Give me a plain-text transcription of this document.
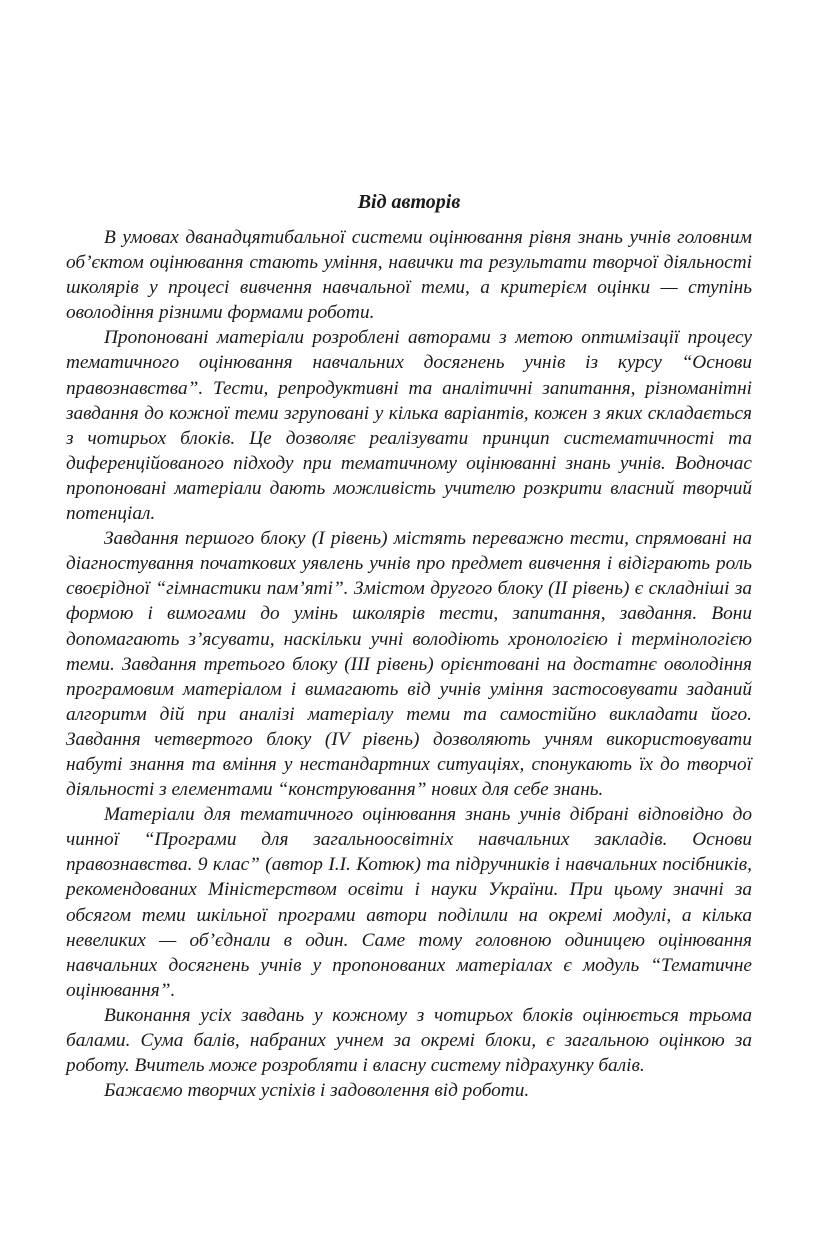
Від авторів

В умовах дванадцятибальної системи оцінювання рівня знань учнів головним об’єктом оцінювання стають уміння, навички та результати творчої діяльності школярів у процесі вивчення навчальної теми, а критерієм оцінки — ступінь оволодіння різними формами роботи.

Пропоновані матеріали розроблені авторами з метою оптимізації процесу тематичного оцінювання навчальних досягнень учнів із курсу “Основи правознавства”. Тести, репродуктивні та аналітичні запитання, різноманітні завдання до кожної теми згруповані у кілька варіантів, кожен з яких складається з чотирьох блоків. Це дозволяє реалізувати принцип систематичності та диференційованого підходу при тематичному оцінюванні знань учнів. Водночас пропоновані матеріали дають можливість учителю розкрити власний творчий потенціал.

Завдання першого блоку (І рівень) містять переважно тести, спрямовані на діагностування початкових уявлень учнів про предмет вивчення і відіграють роль своєрідної “гімнастики пам’яті”. Змістом другого блоку (ІІ рівень) є складніші за формою і вимогами до умінь школярів тести, запитання, завдання. Вони допомагають з’ясувати, наскільки учні володіють хронологією і термінологією теми. Завдання третього блоку (ІІІ рівень) орієнтовані на достатнє оволодіння програмовим матеріалом і вимагають від учнів уміння застосовувати заданий алгоритм дій при аналізі матеріалу теми та самостійно викладати його. Завдання четвертого блоку (IV рівень) дозволяють учням використовувати набуті знання та вміння у нестандартних ситуаціях, спонукають їх до творчої діяльності з елементами “конструювання” нових для себе знань.

Матеріали для тематичного оцінювання знань учнів дібрані відповідно до чинної “Програми для загальноосвітніх навчальних закладів. Основи правознавства. 9 клас” (автор І.І. Котюк) та підручників і навчальних посібників, рекомендованих Міністерством освіти і науки України. При цьому значні за обсягом теми шкільної програми автори поділили на окремі модулі, а кілька невеликих — об’єднали в один. Саме тому головною одиницею оцінювання навчальних досягнень учнів у пропонованих матеріалах є модуль “Тематичне оцінювання”.

Виконання усіх завдань у кожному з чотирьох блоків оцінюється трьома балами. Сума балів, набраних учнем за окремі блоки, є загальною оцінкою за роботу. Вчитель може розробляти і власну систему підрахунку балів.

Бажаємо творчих успіхів і задоволення від роботи.
